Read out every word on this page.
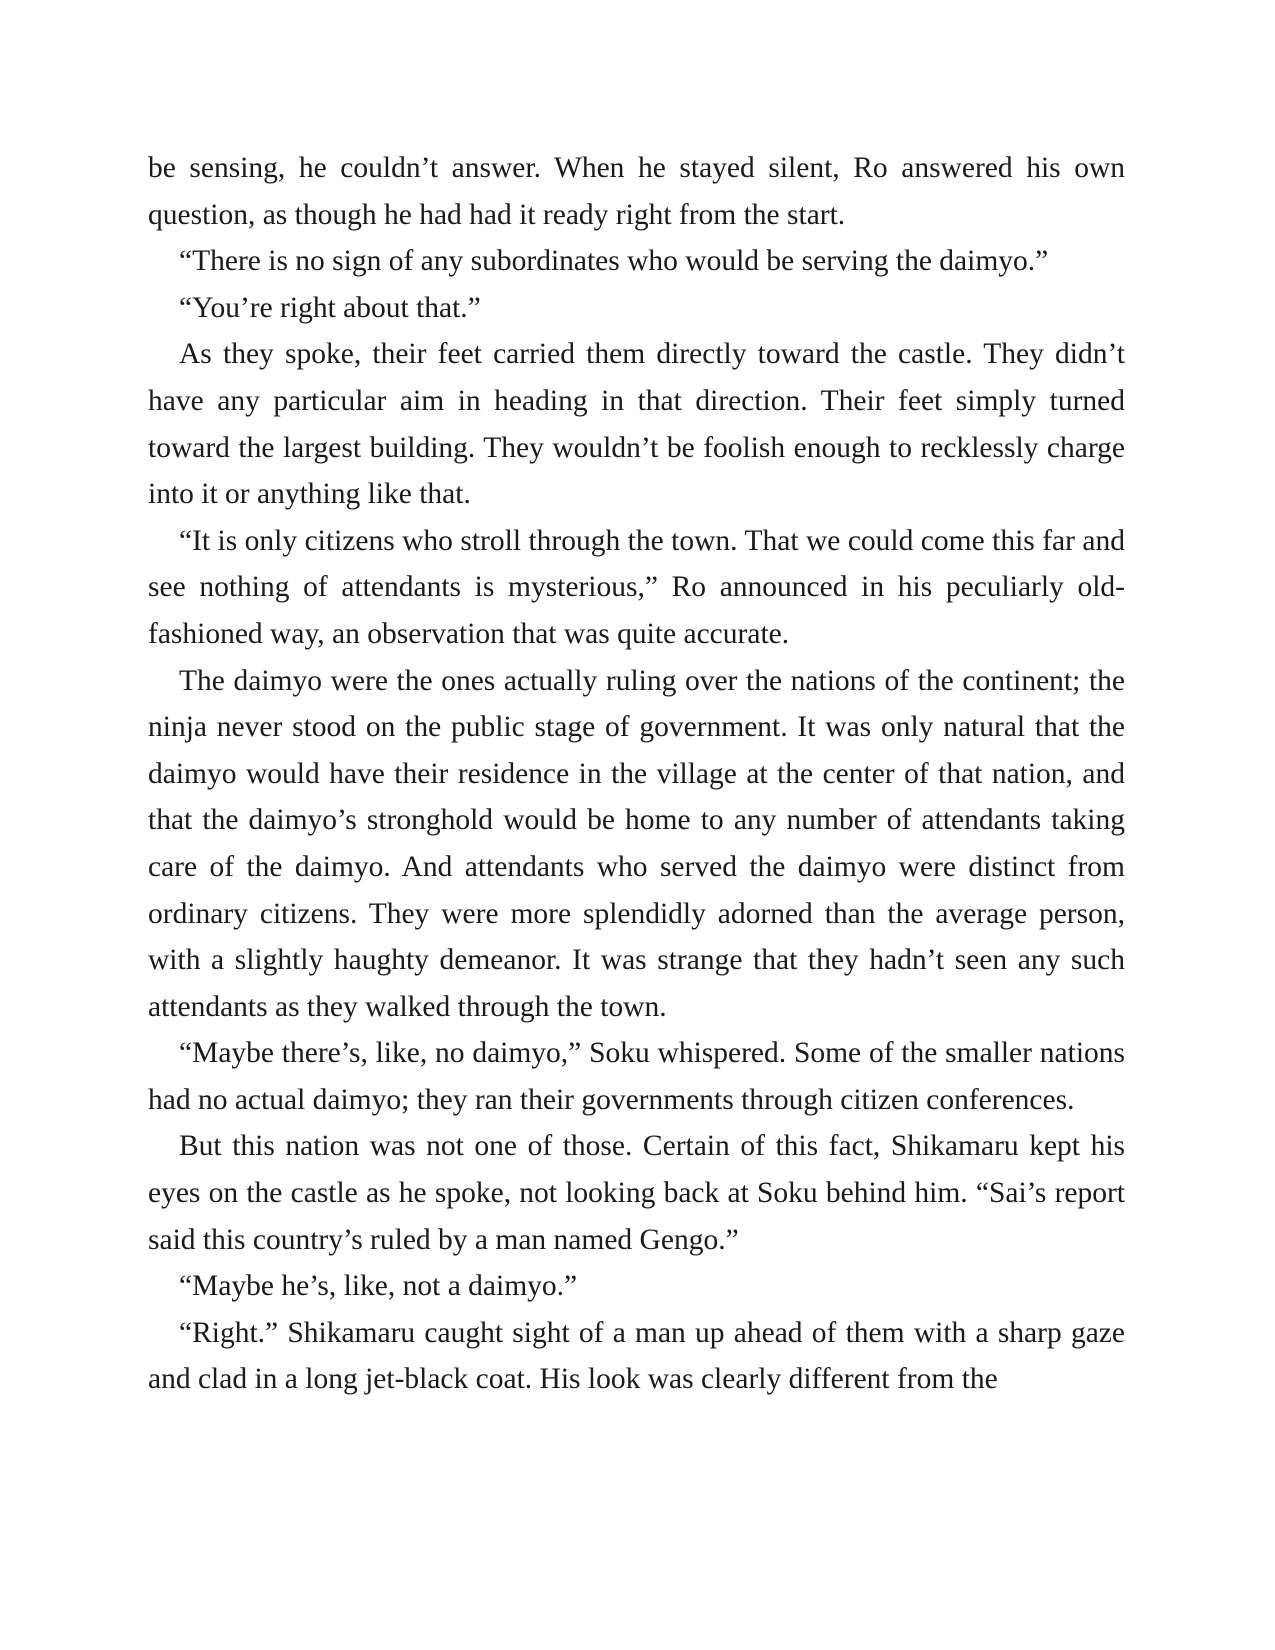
be sensing, he couldn’t answer. When he stayed silent, Ro answered his own question, as though he had had it ready right from the start.

“There is no sign of any subordinates who would be serving the daimyo.”

“You’re right about that.”

As they spoke, their feet carried them directly toward the castle. They didn’t have any particular aim in heading in that direction. Their feet simply turned toward the largest building. They wouldn’t be foolish enough to recklessly charge into it or anything like that.

“It is only citizens who stroll through the town. That we could come this far and see nothing of attendants is mysterious,” Ro announced in his peculiarly old-fashioned way, an observation that was quite accurate.

The daimyo were the ones actually ruling over the nations of the continent; the ninja never stood on the public stage of government. It was only natural that the daimyo would have their residence in the village at the center of that nation, and that the daimyo’s stronghold would be home to any number of attendants taking care of the daimyo. And attendants who served the daimyo were distinct from ordinary citizens. They were more splendidly adorned than the average person, with a slightly haughty demeanor. It was strange that they hadn’t seen any such attendants as they walked through the town.

“Maybe there’s, like, no daimyo,” Soku whispered. Some of the smaller nations had no actual daimyo; they ran their governments through citizen conferences.

But this nation was not one of those. Certain of this fact, Shikamaru kept his eyes on the castle as he spoke, not looking back at Soku behind him. “Sai’s report said this country’s ruled by a man named Gengo.”

“Maybe he’s, like, not a daimyo.”

“Right.” Shikamaru caught sight of a man up ahead of them with a sharp gaze and clad in a long jet-black coat. His look was clearly different from the
